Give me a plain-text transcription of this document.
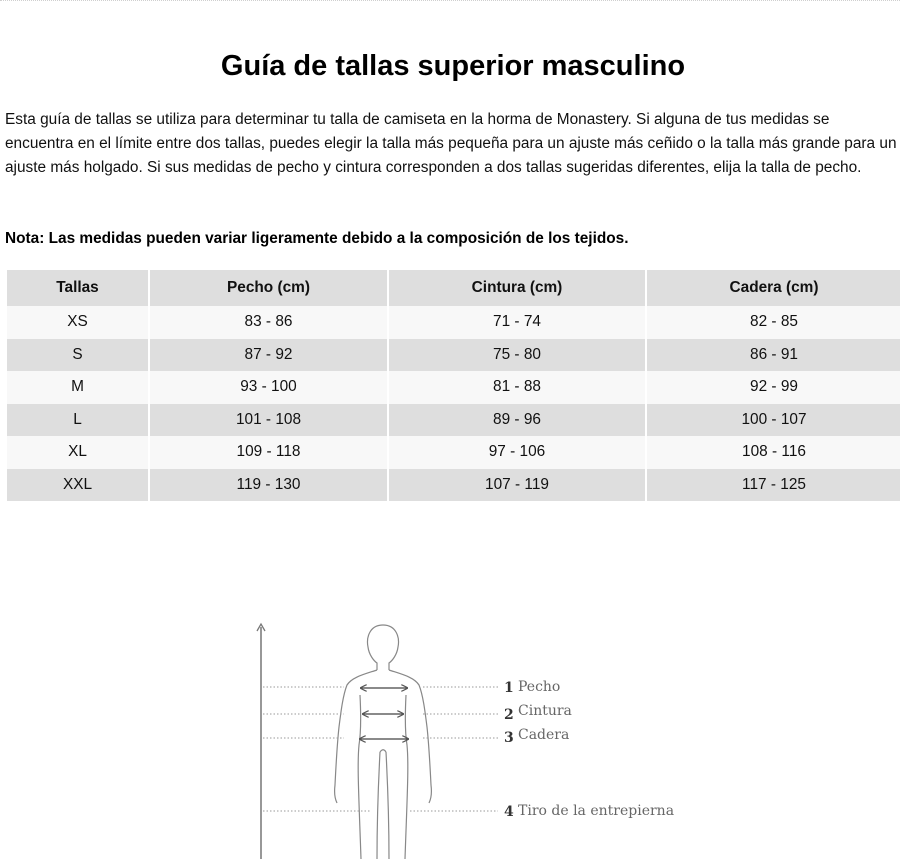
Guía de tallas superior masculino

Esta guía de tallas se utiliza para determinar tu talla de camiseta en la horma de Monastery. Si alguna de tus medidas se encuentra en el límite entre dos tallas, puedes elegir la talla más pequeña para un ajuste más ceñido o la talla más grande para un ajuste más holgado. Si sus medidas de pecho y cintura corresponden a dos tallas sugeridas diferentes, elija la talla de pecho.

Nota: Las medidas pueden variar ligeramente debido a la composición de los tejidos.

Tallas	Pecho (cm)	Cintura (cm)	Cadera (cm)
XS	83 - 86	71 - 74	82 - 85
S	87 - 92	75 - 80	86 - 91
M	93 - 100	81 - 88	92 - 99
L	101 - 108	89 - 96	100 - 107
XL	109 - 118	97 - 106	108 - 116
XXL	119 - 130	107 - 119	117 - 125
1 Pecho
2 Cintura
3 Cadera
4 Tiro de la entrepierna
